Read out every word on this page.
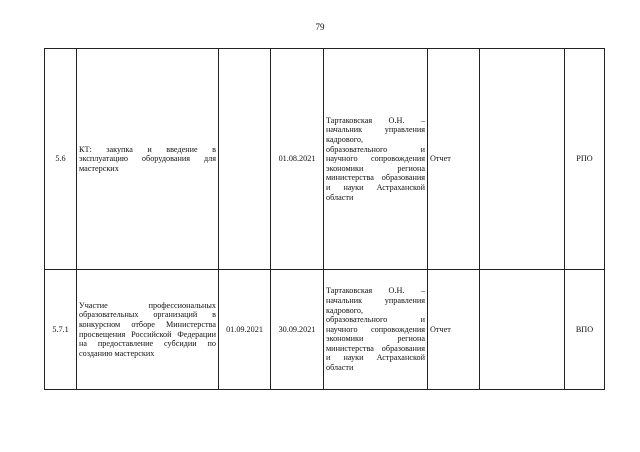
79
5.6	КТ: закупка и введение в эксплуатацию оборудования для мастерских		01.08.2021	Тартаковская О.Н. – начальник управления кадрового, образовательного и научного сопровождения экономики региона министерства образования и науки Астраханской области	Отчет		РПО
5.7.1	Участие профессиональных образовательных организаций в конкурсном отборе Министерства просвещения Российской Федерации на предоставление субсидии по созданию мастерских	01.09.2021	30.09.2021	Тартаковская О.Н. – начальник управления кадрового, образовательного и научного сопровождения экономики региона министерства образования и науки Астраханской области	Отчет		ВПО
